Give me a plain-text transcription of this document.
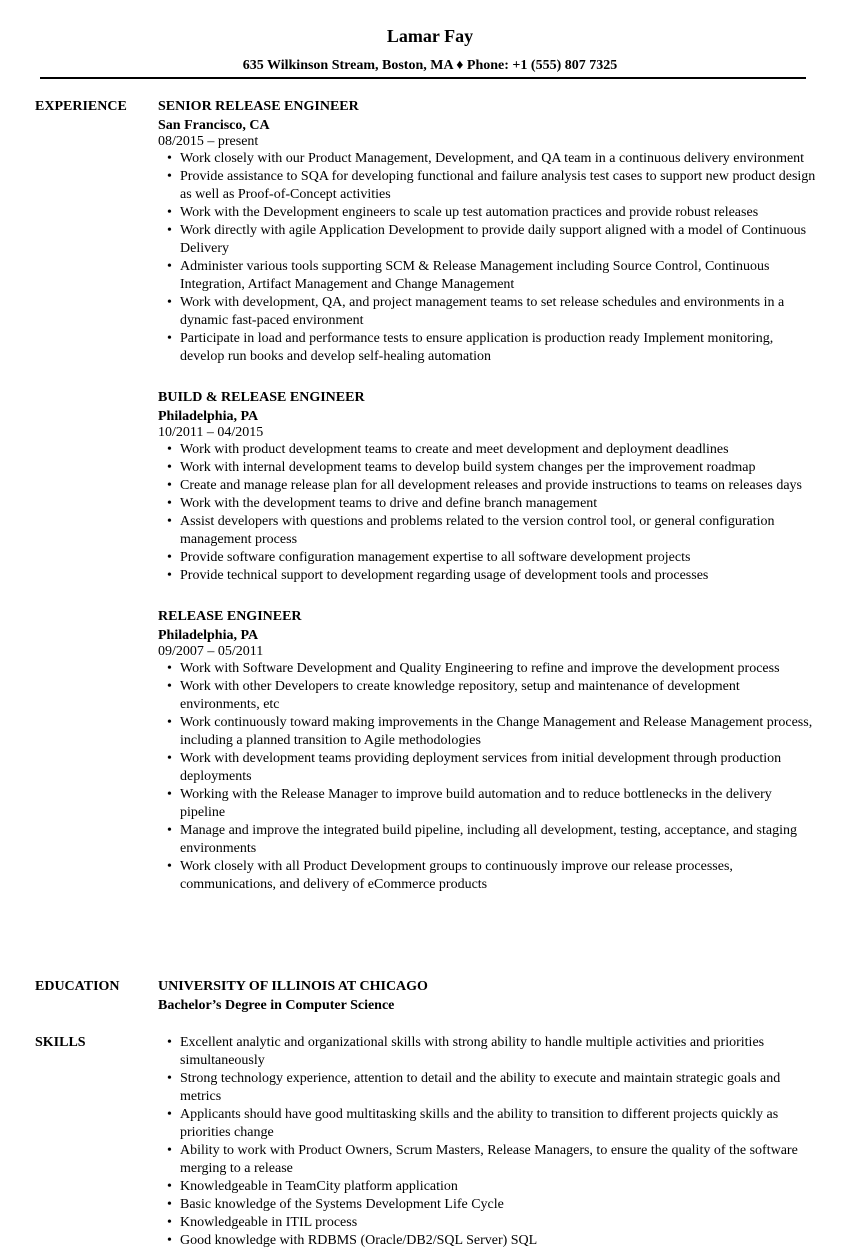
Lamar Fay
635 Wilkinson Stream, Boston, MA ♦ Phone: +1 (555) 807 7325
EXPERIENCE SENIOR RELEASE ENGINEER
San Francisco, CA
08/2015 – present
• Work closely with our Product Management, Development, and QA team in a continuous delivery environment
• Provide assistance to SQA for developing functional and failure analysis test cases to support new product design as well as Proof-of-Concept activities
• Work with the Development engineers to scale up test automation practices and provide robust releases
• Work directly with agile Application Development to provide daily support aligned with a model of Continuous Delivery
• Administer various tools supporting SCM & Release Management including Source Control, Continuous Integration, Artifact Management and Change Management
• Work with development, QA, and project management teams to set release schedules and environments in a dynamic fast-paced environment
• Participate in load and performance tests to ensure application is production ready Implement monitoring, develop run books and develop self-healing automation
BUILD & RELEASE ENGINEER
Philadelphia, PA
10/2011 – 04/2015
• Work with product development teams to create and meet development and deployment deadlines
• Work with internal development teams to develop build system changes per the improvement roadmap
• Create and manage release plan for all development releases and provide instructions to teams on releases days
• Work with the development teams to drive and define branch management
• Assist developers with questions and problems related to the version control tool, or general configuration management process
• Provide software configuration management expertise to all software development projects
• Provide technical support to development regarding usage of development tools and processes
RELEASE ENGINEER
Philadelphia, PA
09/2007 – 05/2011
• Work with Software Development and Quality Engineering to refine and improve the development process
• Work with other Developers to create knowledge repository, setup and maintenance of development environments, etc
• Work continuously toward making improvements in the Change Management and Release Management process, including a planned transition to Agile methodologies
• Work with development teams providing deployment services from initial development through production deployments
• Working with the Release Manager to improve build automation and to reduce bottlenecks in the delivery pipeline
• Manage and improve the integrated build pipeline, including all development, testing, acceptance, and staging environments
• Work closely with all Product Development groups to continuously improve our release processes, communications, and delivery of eCommerce products
EDUCATION	UNIVERSITY OF ILLINOIS AT CHICAGO
Bachelor’s Degree in Computer Science
SKILLS	• Excellent analytic and organizational skills with strong ability to handle multiple activities and priorities simultaneously
• Strong technology experience, attention to detail and the ability to execute and maintain strategic goals and metrics
• Applicants should have good multitasking skills and the ability to transition to different projects quickly as priorities change
• Ability to work with Product Owners, Scrum Masters, Release Managers, to ensure the quality of the software merging to a release
• Knowledgeable in TeamCity platform application
• Basic knowledge of the Systems Development Life Cycle
• Knowledgeable in ITIL process
• Good knowledge with RDBMS (Oracle/DB2/SQL Server) SQL
